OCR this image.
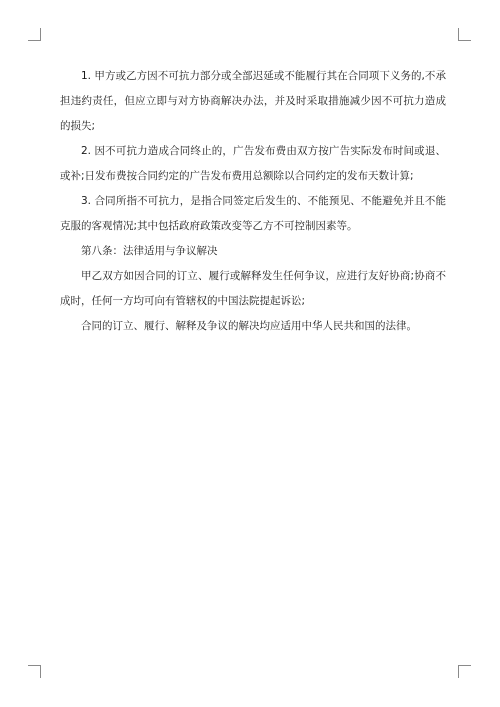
1. 甲方或乙方因不可抗力部分或全部迟延或不能履行其在合同项下义务的,不承担违约责任，但应立即与对方协商解决办法，并及时采取措施减少因不可抗力造成的损失;

2. 因不可抗力造成合同终止的，广告发布费由双方按广告实际发布时间或退、或补;日发布费按合同约定的广告发布费用总额除以合同约定的发布天数计算;

3. 合同所指不可抗力，是指合同签定后发生的、不能预见、不能避免并且不能克服的客观情况;其中包括政府政策改变等乙方不可控制因素等。

第八条：法律适用与争议解决

甲乙双方如因合同的订立、履行或解释发生任何争议，应进行友好协商;协商不成时，任何一方均可向有管辖权的中国法院提起诉讼;

合同的订立、履行、解释及争议的解决均应适用中华人民共和国的法律。
